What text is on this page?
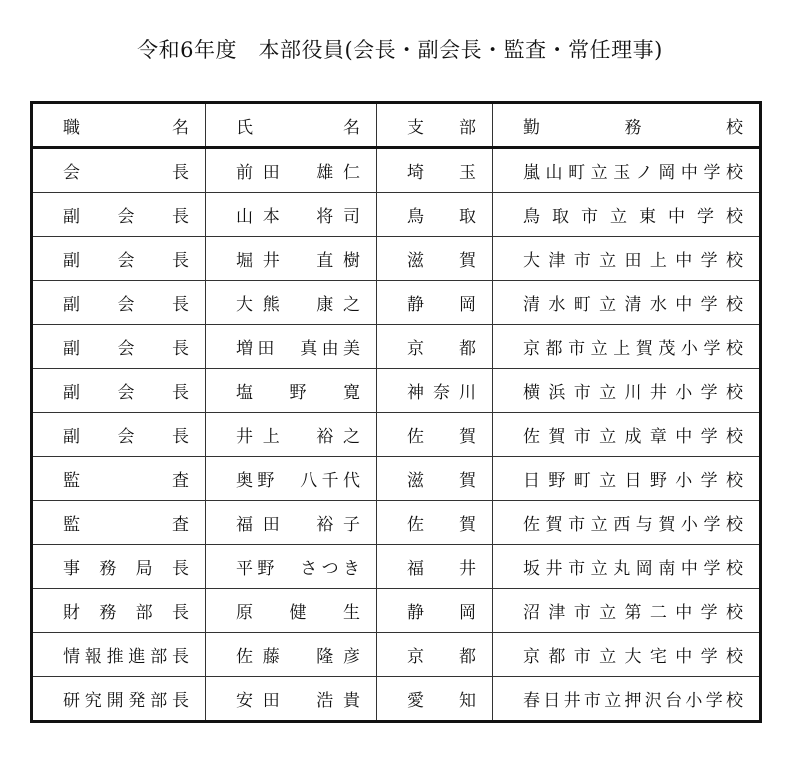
令和6年度　本部役員(会長・副会長・監査・常任理事)
職　　名	氏　　名	支部	勤務校

会　長	前田　雄仁	埼玉	嵐山町立玉ノ岡中学校

副会長	山本　将司	鳥取	鳥取市立東中学校

副会長	堀井　直樹	滋賀	大津市立田上中学校

副会長	大熊　康之	静岡	清水町立清水中学校

副会長	増田　真由美	京都	京都市立上賀茂小学校

副会長	塩　野　寛	神奈川	横浜市立川井小学校

副会長	井上　裕之	佐賀	佐賀市立成章中学校

監　査	奥野　八千代	滋賀	日野町立日野小学校

監　査	福田　裕子	佐賀	佐賀市立西与賀小学校

事務局長	平野　さつき	福井	坂井市立丸岡南中学校

財務部長	原　健　生	静岡	沼津市立第二中学校

情報推進部長	佐藤　隆彦	京都	京都市立大宅中学校

研究開発部長	安田　浩貴	愛知	春日井市立押沢台小学校
